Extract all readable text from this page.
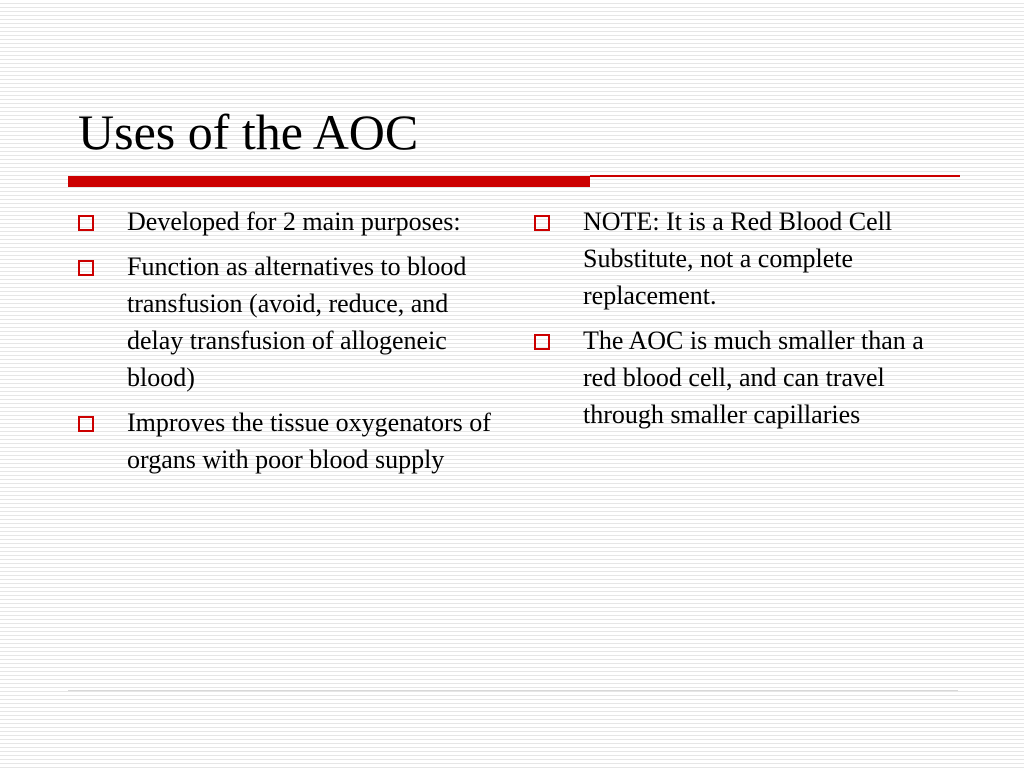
Uses of the AOC
Developed for 2 main purposes:
Function as alternatives to blood transfusion (avoid, reduce, and delay transfusion of allogeneic blood)
Improves the tissue oxygenators of organs with poor blood supply
NOTE: It is a Red Blood Cell Substitute, not a complete replacement.
The AOC is much smaller than a red blood cell, and can travel through smaller capillaries
